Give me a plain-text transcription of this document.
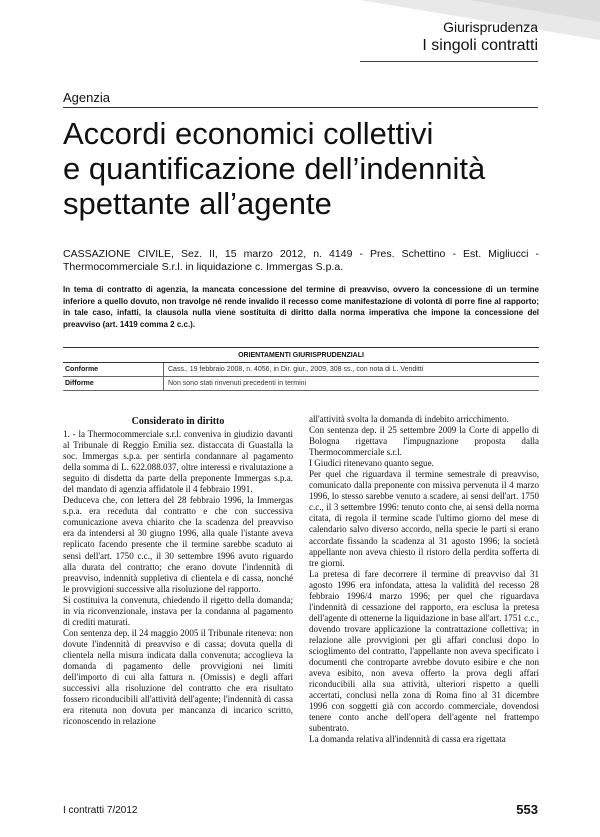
Giurisprudenza
I singoli contratti
Agenzia
Accordi economici collettivi
e quantificazione dell’indennità
spettante all’agente
CASSAZIONE CIVILE, Sez. II, 15 marzo 2012, n. 4149 - Pres. Schettino - Est. Migliucci - Thermocommerciale S.r.l. in liquidazione c. Immergas S.p.a.
In tema di contratto di agenzia, la mancata concessione del termine di preavviso, ovvero la concessione di un termine inferiore a quello dovuto, non travolge né rende invalido il recesso come manifestazione di volontà di porre fine al rapporto; in tale caso, infatti, la clausola nulla viene sostituita di diritto dalla norma imperativa che impone la concessione del preavviso (art. 1419 comma 2 c.c.).
ORIENTAMENTI GIURISPRUDENZIALI
Conforme	Cass., 19 febbraio 2008, n. 4056, in Dir. giur., 2009, 308 ss., con nota di L. Venditti
Difforme	Non sono stati rinvenuti precedenti in termini
Considerato in diritto

1. - la Thermocommerciale s.r.l. conveniva in giudizio davanti al Tribunale di Reggio Emilia sez. distaccata di Guastalla la soc. Immergas s.p.a. per sentirla condannare al pagamento della somma di L. 622.088.037, oltre interessi e rivalutazione a seguito di disdetta da parte della preponente Immergas s.p.a. del mandato di agenzia affidatole il 4 febbraio 1991.

Deduceva che, con lettera del 28 febbraio 1996, la Immergas s.p.a. era receduta dal contratto e che con successiva comunicazione aveva chiarito che la scadenza del preavviso era da intendersi al 30 giugno 1996, alla quale l'istante aveva replicato facendo presente che il termine sarebbe scaduto ai sensi dell'art. 1750 c.c., il 30 settembre 1996 avuto riguardo alla durata del contratto; che erano dovute l'indennità di preavviso, indennità suppletiva di clientela e di cassa, nonché le provvigioni successive alla risoluzione del rapporto.

Si costituiva la convenuta, chiedendo il rigetto della domanda; in via riconvenzionale, instava per la condanna al pagamento di crediti maturati.

Con sentenza dep. il 24 maggio 2005 il Tribunale riteneva: non dovute l'indennità di preavviso e di cassa; dovuta quella di clientela nella misura indicata dalla convenuta; accoglieva la domanda di pagamento delle provvigioni nei limiti dell'importo di cui alla fattura n. (Omissis) e degli affari successivi alla risoluzione del contratto che era risultato fossero riconducibili all'attività dell'agente; l'indennità di cassa era ritenuta non dovuta per mancanza di incarico scritto, riconoscendo in relazione

all'attività svolta la domanda di indebito arricchimento.

Con sentenza dep. il 25 settembre 2009 la Corte di appello di Bologna rigettava l'impugnazione proposta dalla Thermocommerciale s.r.l.

I Giudici ritenevano quanto segue.

Per quel che riguardava il termine semestrale di preavviso, comunicato dalla preponente con missiva pervenuta il 4 marzo 1996, lo stesso sarebbe venuto a scadere, ai sensi dell'art. 1750 c.c., il 3 settembre 1996: tenuto conto che, ai sensi della norma citata, di regola il termine scade l'ultimo giorno del mese di calendario salvo diverso accordo, nella specie le parti si erano accordate fissando la scadenza al 31 agosto 1996; la società appellante non aveva chiesto il ristoro della perdita sofferta di tre giorni.

La pretesa di fare decorrere il termine di preavviso dal 31 agosto 1996 era infondata, attesa la validità del recesso 28 febbraio 1996/4 marzo 1996; per quel che riguardava l'indennità di cessazione del rapporto, era esclusa la pretesa dell'agente di ottenerne la liquidazione in base all'art. 1751 c.c., dovendo trovare applicazione la contrattazione collettiva; in relazione alle provvigioni per gli affari conclusi dopo lo scioglimento del contratto, l'appellante non aveva specificato i documenti che controparte avrebbe dovuto esibire e che non aveva esibito, non aveva offerto la prova degli affari riconducibili alla sua attività, ulteriori rispetto a quelli accertati, conclusi nella zona di Roma fino al 31 dicembre 1996 con soggetti già con accordo commerciale, dovendosi tenere conto anche dell'opera dell'agente nel frattempo subentrato.

La domanda relativa all'indennità di cassa era rigettata

I contratti 7/2012	553
